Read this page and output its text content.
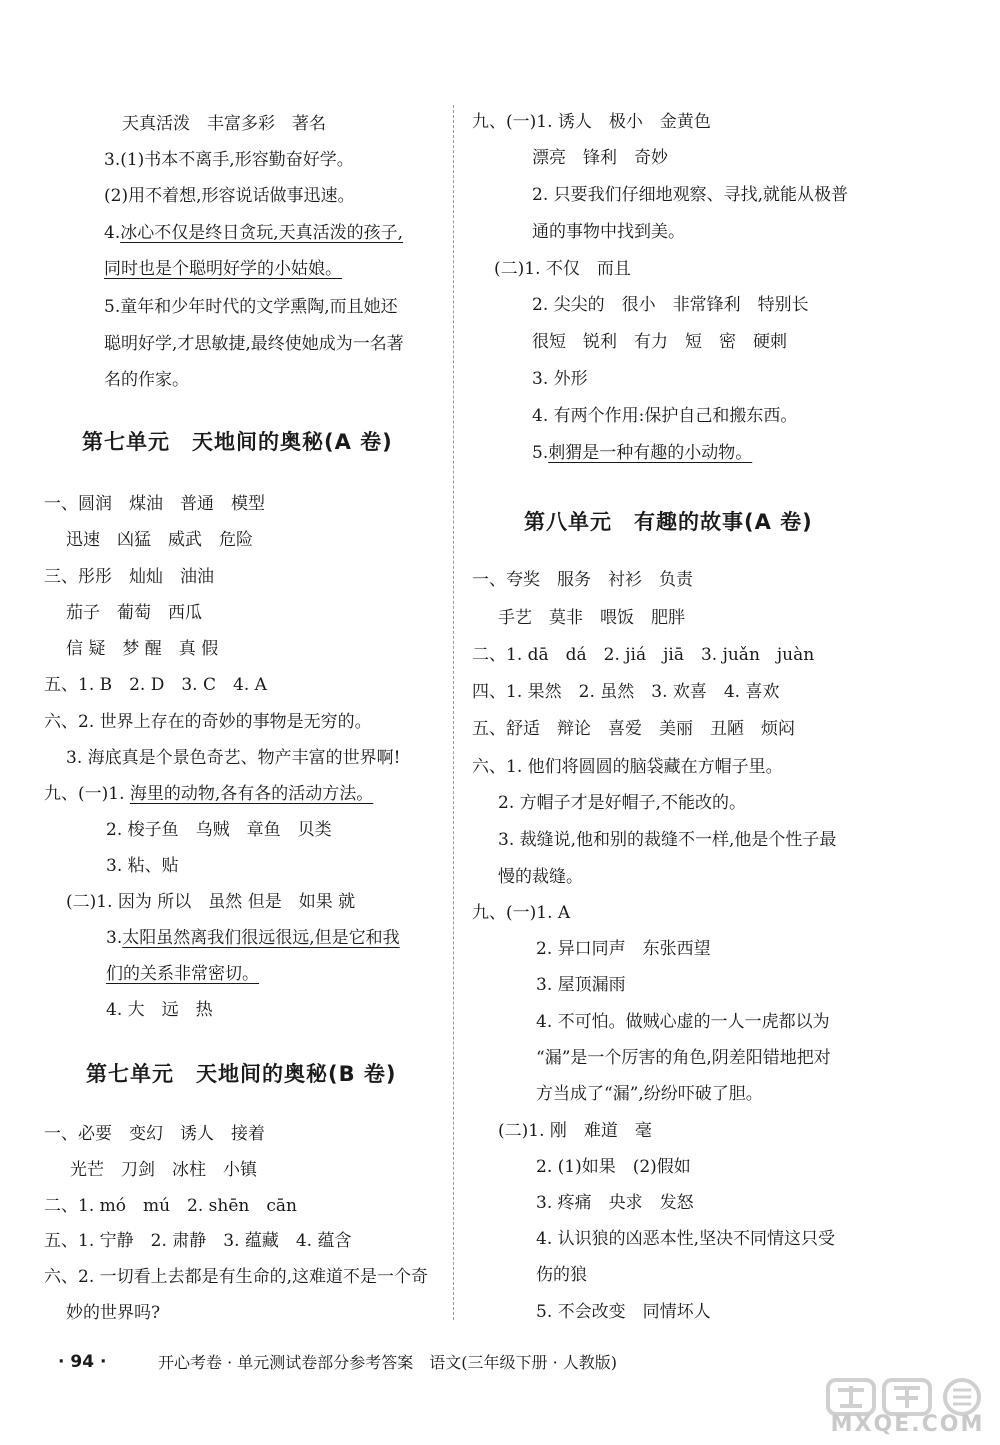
天真活泼　丰富多彩　著名
3.(1)书本不离手,形容勤奋好学。
(2)用不着想,形容说话做事迅速。
4.冰心不仅是终日贪玩,天真活泼的孩子,
同时也是个聪明好学的小姑娘。
5.童年和少年时代的文学熏陶,而且她还
聪明好学,才思敏捷,最终使她成为一名著
名的作家。
第七单元　天地间的奥秘(A 卷)
一、圆润　煤油　普通　模型
迅速　凶猛　威武　危险
三、彤彤　灿灿　油油
茄子　葡萄　西瓜
信 疑　梦 醒　真 假
五、1. B　2. D　3. C　4. A
六、2. 世界上存在的奇妙的事物是无穷的。
3. 海底真是个景色奇艺、物产丰富的世界啊!
九、(一)1. 海里的动物,各有各的活动方法。
2. 梭子鱼　乌贼　章鱼　贝类
3. 粘、贴
(二)1. 因为 所以　虽然 但是　如果 就
3.太阳虽然离我们很远很远,但是它和我
们的关系非常密切。
4. 大　远　热
第七单元　天地间的奥秘(B 卷)
一、必要　变幻　诱人　接着
光芒　刀剑　冰柱　小镇
二、1. mó　mú　2. shēn　cān
五、1. 宁静　2. 肃静　3. 蕴藏　4. 蕴含
六、2. 一切看上去都是有生命的,这难道不是一个奇
妙的世界吗?
九、(一)1. 诱人　极小　金黄色
漂亮　锋利　奇妙
2. 只要我们仔细地观察、寻找,就能从极普
通的事物中找到美。
(二)1. 不仅　而且
2. 尖尖的　很小　非常锋利　特别长
很短　锐利　有力　短　密　硬刺
3. 外形
4. 有两个作用:保护自己和搬东西。
5.刺猬是一种有趣的小动物。
第八单元　有趣的故事(A 卷)
一、夸奖　服务　衬衫　负责
手艺　莫非　喂饭　肥胖
二、1. dā　dá　2. jiá　jiā　3. juǎn　juàn
四、1. 果然　2. 虽然　3. 欢喜　4. 喜欢
五、舒适　辩论　喜爱　美丽　丑陋　烦闷
六、1. 他们将圆圆的脑袋藏在方帽子里。
2. 方帽子才是好帽子,不能改的。
3. 裁缝说,他和别的裁缝不一样,他是个性子最
慢的裁缝。
九、(一)1. A
2. 异口同声　东张西望
3. 屋顶漏雨
4. 不可怕。做贼心虚的一人一虎都以为
“漏”是一个厉害的角色,阴差阳错地把对
方当成了“漏”,纷纷吓破了胆。
(二)1. 刚　难道　毫
2. (1)如果　(2)假如
3. 疼痛　央求　发怒
4. 认识狼的凶恶本性,坚决不同情这只受
伤的狼
5. 不会改变　同情坏人
· 94 ·	开心考卷 · 单元测试卷部分参考答案　语文(三年级下册 · 人教版)
MXQE.COM
